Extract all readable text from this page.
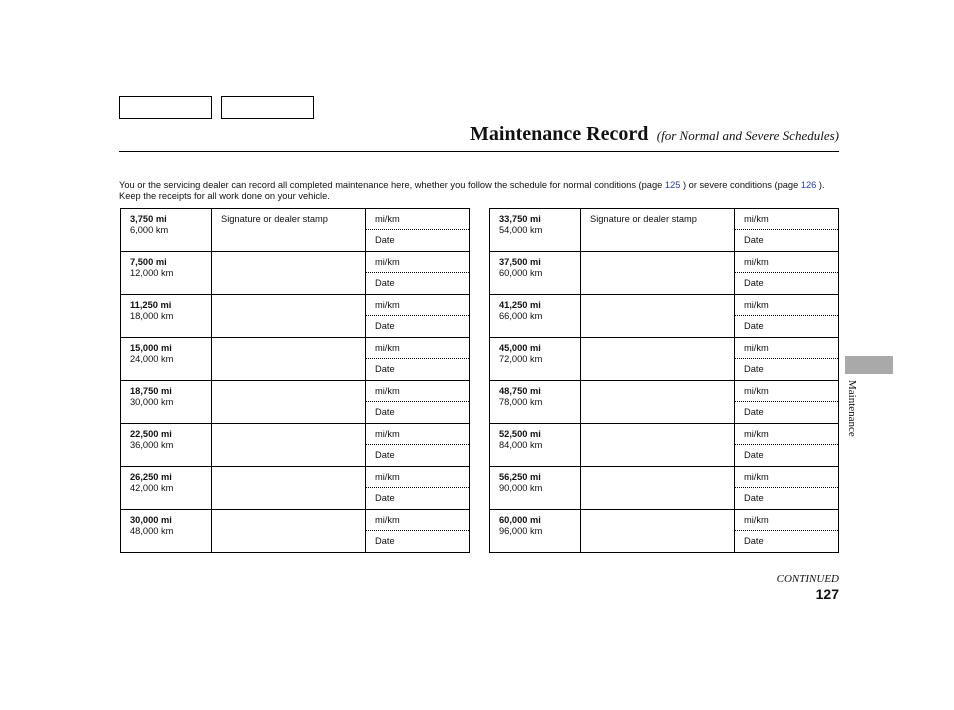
Maintenance Record (for Normal and Severe Schedules)

You or the servicing dealer can record all completed maintenance here, whether you follow the schedule for normal conditions (page 125 ) or severe conditions (page 126 ). Keep the receipts for all work done on your vehicle.

3,750 mi
6,000 km	Signature or dealer stamp	mi/km
		Date

7,500 mi
12,000 km		mi/km
		Date

11,250 mi
18,000 km		mi/km
		Date

15,000 mi
24,000 km		mi/km
		Date

18,750 mi
30,000 km		mi/km
		Date

22,500 mi
36,000 km		mi/km
		Date

26,250 mi
42,000 km		mi/km
		Date

30,000 mi
48,000 km		mi/km
		Date
33,750 mi
54,000 km	Signature or dealer stamp	mi/km
		Date

37,500 mi
60,000 km		mi/km
		Date

41,250 mi
66,000 km		mi/km
		Date

45,000 mi
72,000 km		mi/km
		Date

48,750 mi
78,000 km		mi/km
		Date

52,500 mi
84,000 km		mi/km
		Date

56,250 mi
90,000 km		mi/km
		Date

60,000 mi
96,000 km		mi/km
		Date
CONTINUED
127
Maintenance
